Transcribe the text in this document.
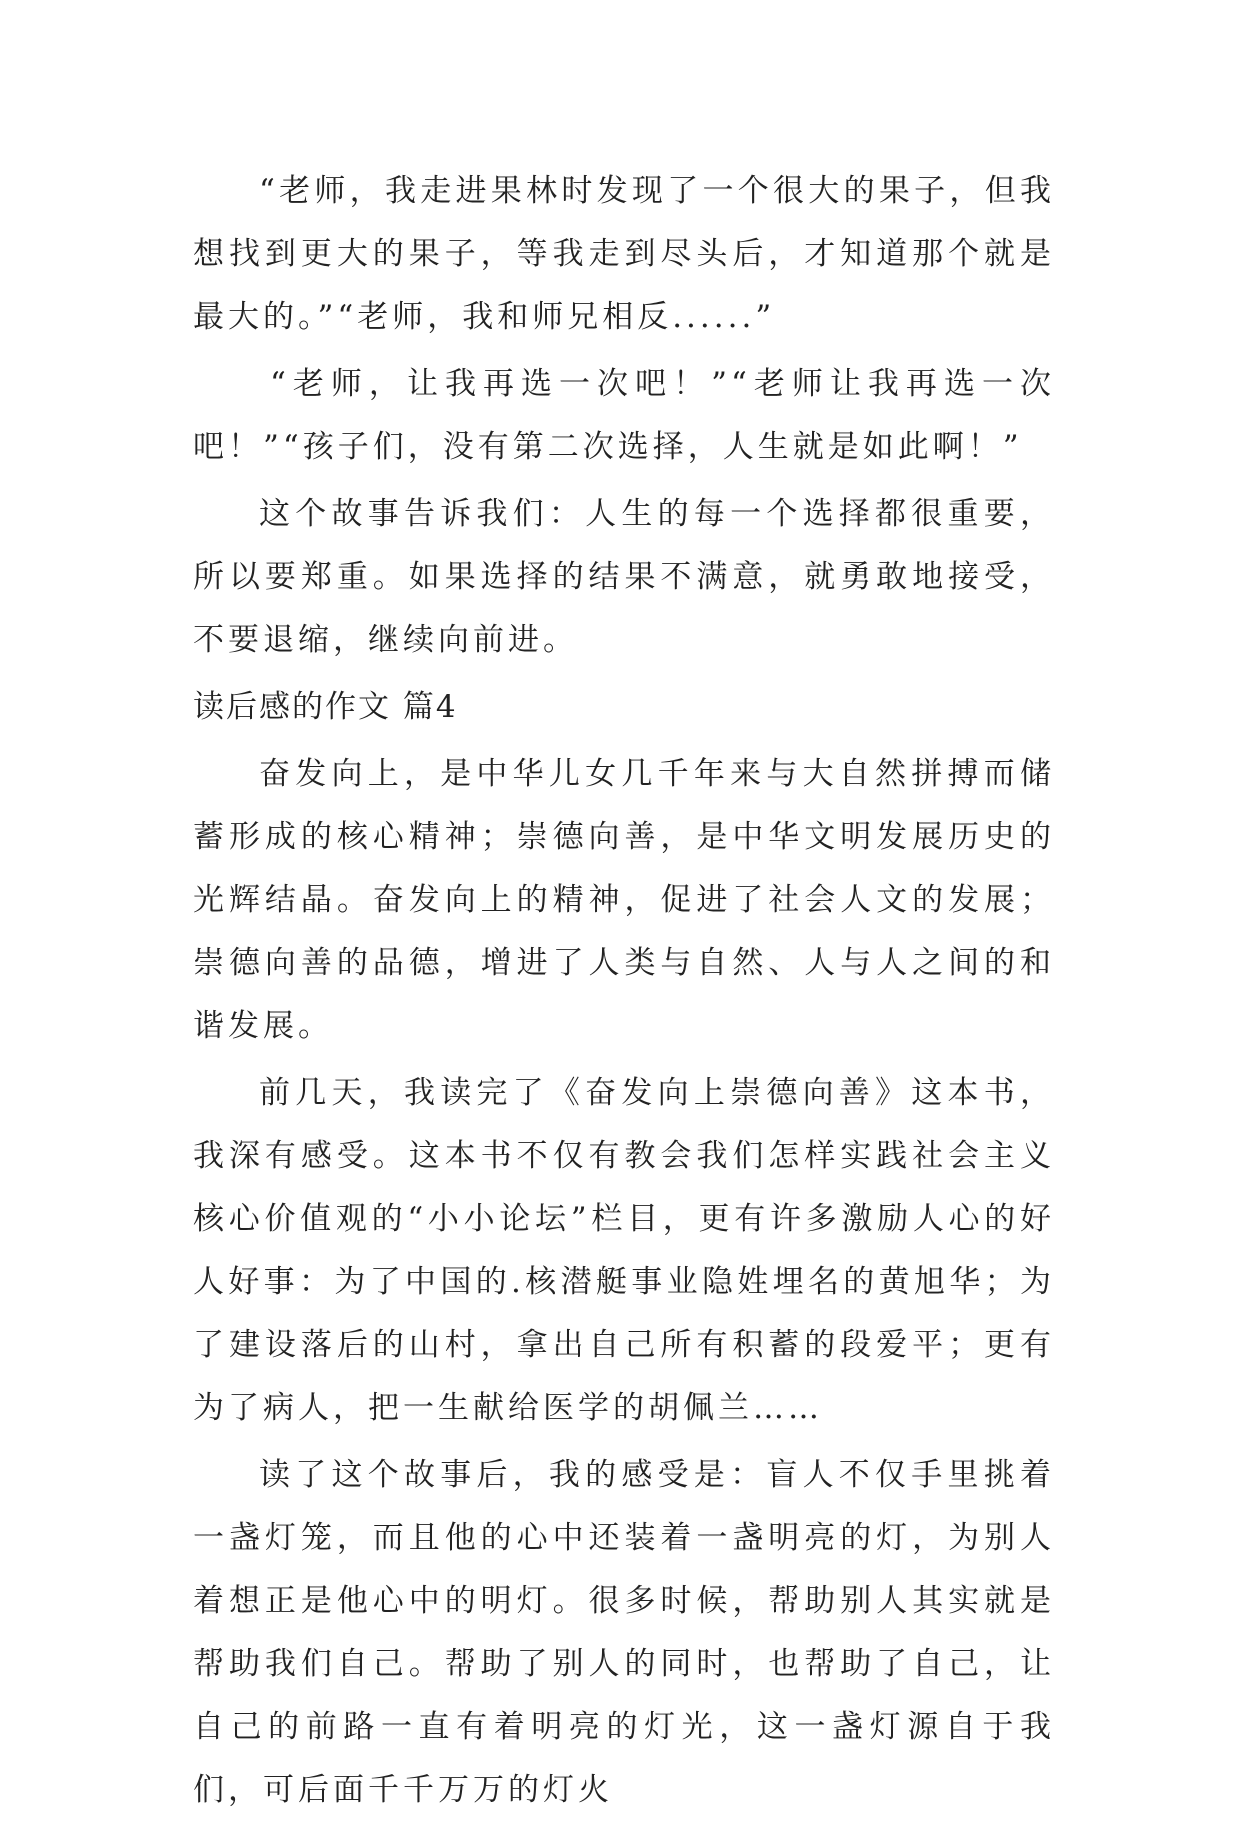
“老师，我走进果林时发现了一个很大的果子，但我想找到更大的果子，等我走到尽头后，才知道那个就是最大的。”“老师，我和师兄相反......”

“老师，让我再选一次吧！”“老师让我再选一次吧！”“孩子们，没有第二次选择，人生就是如此啊！”

这个故事告诉我们：人生的每一个选择都很重要，所以要郑重。如果选择的结果不满意，就勇敢地接受，不要退缩，继续向前进。

读后感的作文 篇4

奋发向上，是中华儿女几千年来与大自然拼搏而储蓄形成的核心精神；崇德向善，是中华文明发展历史的光辉结晶。奋发向上的精神，促进了社会人文的发展；崇德向善的品德，增进了人类与自然、人与人之间的和谐发展。

前几天，我读完了《奋发向上崇德向善》这本书，我深有感受。这本书不仅有教会我们怎样实践社会主义核心价值观的“小小论坛”栏目，更有许多激励人心的好人好事：为了中国的.核潜艇事业隐姓埋名的黄旭华；为了建设落后的山村，拿出自己所有积蓄的段爱平；更有为了病人，把一生献给医学的胡佩兰……

读了这个故事后，我的感受是：盲人不仅手里挑着一盏灯笼，而且他的心中还装着一盏明亮的灯，为别人着想正是他心中的明灯。很多时候，帮助别人其实就是帮助我们自己。帮助了别人的同时，也帮助了自己，让自己的前路一直有着明亮的灯光，这一盏灯源自于我们，可后面千千万万的灯火
